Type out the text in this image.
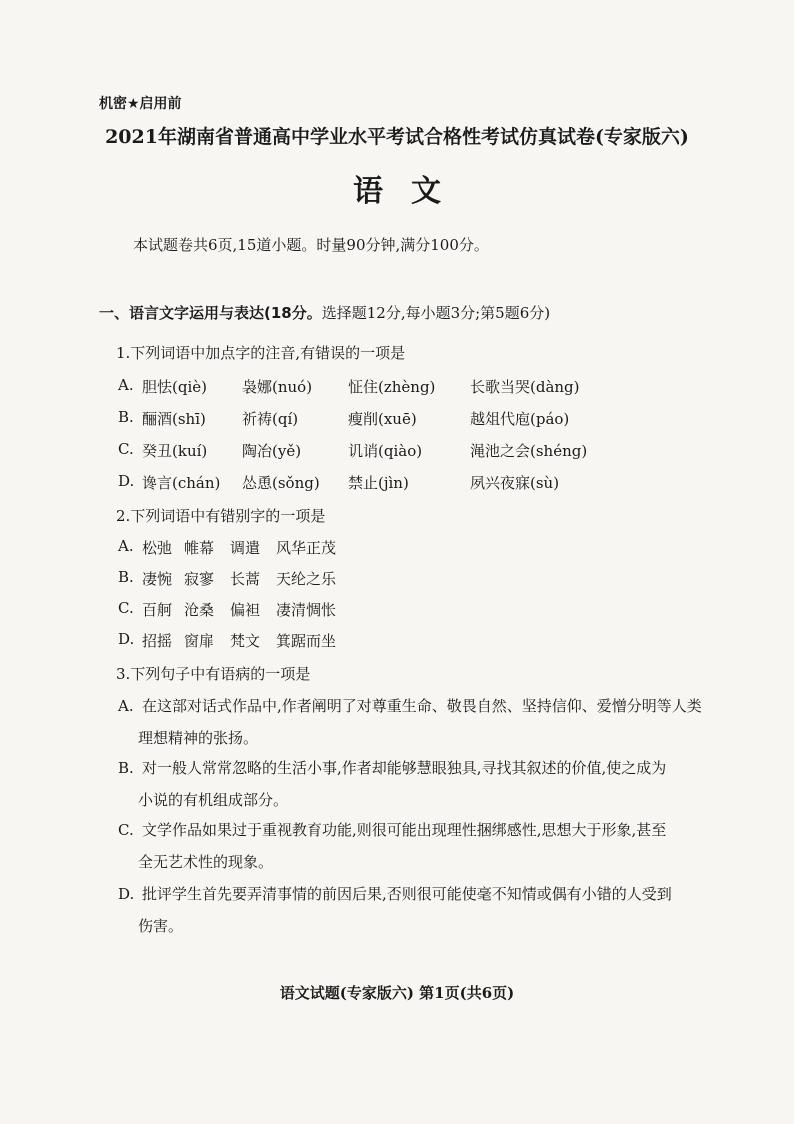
机密★启用前
2021年湖南省普通高中学业水平考试合格性考试仿真试卷(专家版六)
语文
本试题卷共6页,15道小题。时量90分钟,满分100分。
一、语言文字运用与表达(18分。选择题12分,每小题3分;第5题6分)
1.下列词语中加点字的注音,有错误的一项是
A. 胆怯(qiè) 袅娜(nuó) 怔住(zhèng) 长歌当哭(dàng)
B. 酾酒(shī) 祈祷(qí)	瘦削(xuē)	越俎代庖(páo)
C. 癸丑(kuí) 陶冶(yě)	讥诮(qiào)	渑池之会(shéng)
D. 谗言(chán) 怂恿(sǒng) 禁止(jìn)	夙兴夜寐(sù)
2.下列词语中有错别字的一项是
A. 松弛 帷幕 调遣 风华正茂
B. 凄惋 寂寥 长蒿 天纶之乐
C. 百舸 沧桑 偏袒 凄清惆怅
D. 招摇 窗扉 梵文 箕踞而坐
3.下列句子中有语病的一项是
A. 在这部对话式作品中,作者阐明了对尊重生命、敬畏自然、坚持信仰、爱憎分明等人类
理想精神的张扬。
B. 对一般人常常忽略的生活小事,作者却能够慧眼独具,寻找其叙述的价值,使之成为
小说的有机组成部分。
C. 文学作品如果过于重视教育功能,则很可能出现理性捆绑感性,思想大于形象,甚至
全无艺术性的现象。
D. 批评学生首先要弄清事情的前因后果,否则很可能使毫不知情或偶有小错的人受到
伤害。
语文试题(专家版六) 第1页(共6页)
